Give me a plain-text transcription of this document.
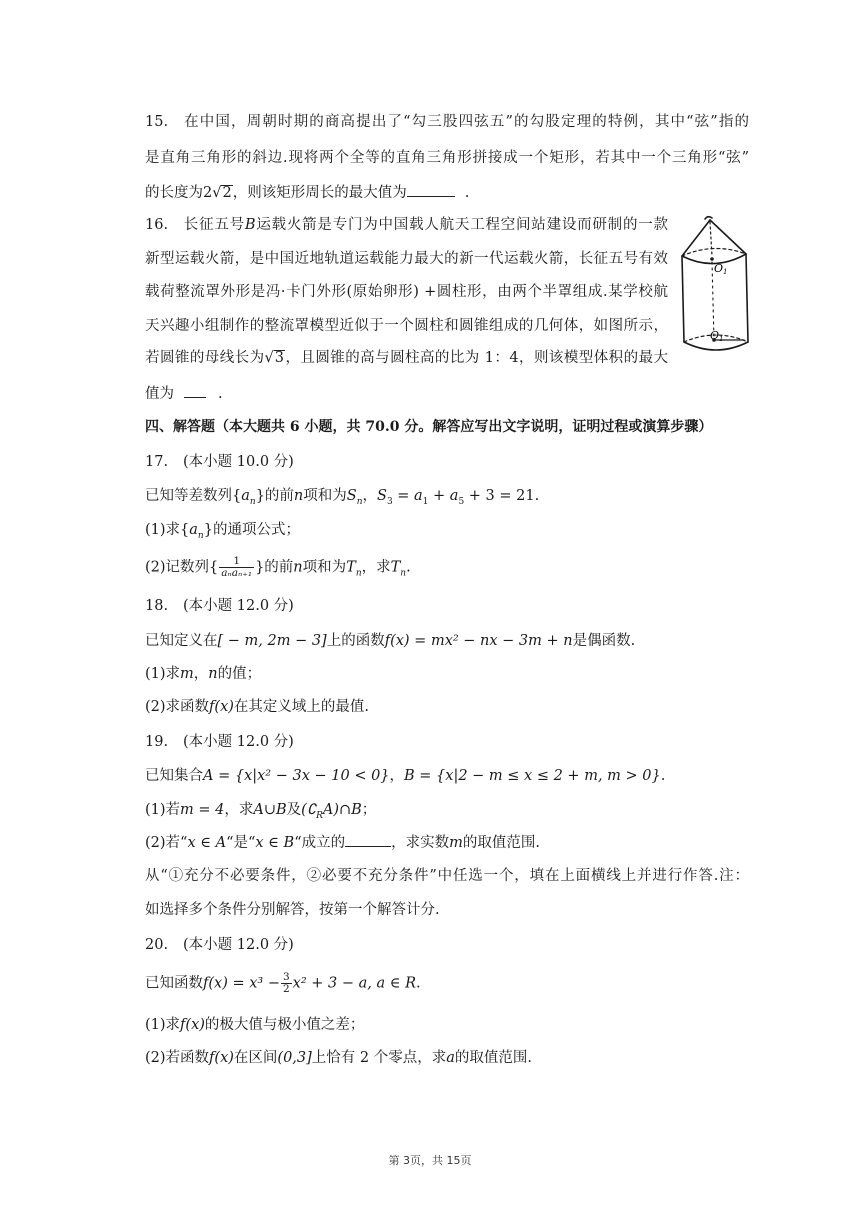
15. 在中国，周朝时期的商高提出了“勾三股四弦五”的勾股定理的特例，其中“弦”指的
是直角三角形的斜边.现将两个全等的直角三角形拼接成一个矩形，若其中一个三角形“弦”
的长度为2√2，则该矩形周长的最大值为	.
16. 长征五号B运载火箭是专门为中国载人航天工程空间站建设而研制的一款
新型运载火箭，是中国近地轨道运载能力最大的新一代运载火箭，长征五号有效
载荷整流罩外形是冯·卡门外形(原始卵形) +圆柱形，由两个半罩组成.某学校航
天兴趣小组制作的整流罩模型近似于一个圆柱和圆锥组成的几何体，如图所示，
若圆锥的母线长为√3，且圆锥的高与圆柱高的比为 1：4，则该模型体积的最大
值为	.
O1
O1
四、解答题（本大题共 6 小题，共 70.0 分。解答应写出文字说明，证明过程或演算步骤）
17. (本小题 10.0 分)
已知等差数列$\{a_n\}$的前n项和为$S_n$，$S_3 = a_1 + a_5 + 3 = 21$.
(1)求$\{a_n\}$的通项公式；
(2)记数列{ $\frac{1}{\text{aₙaₙ₊₁}}$ }的前n项和为$T_n$，求$T_n$.
18. (本小题 12.0 分)
已知定义在[ − m, 2m − 3]上的函数f(x) = mx² − nx − 3m + n是偶函数.
(1)求m，n的值；
(2)求函数f(x)在其定义域上的最值.
19. (本小题 12.0 分)
已知集合A = {x|x² − 3x − 10 < 0}，B = {x|2 − m ≤ x ≤ 2 + m, m > 0}.
(1)若m = 4，求A∪B及$(∁_RA)\cap B$；
(2)若“x ∈ A“是“x ∈ B“成立的	，求实数m的取值范围.
从“①充分不必要条件，②必要不充分条件”中任选一个，填在上面横线上并进行作答.注：
如选择多个条件分别解答，按第一个解答计分.
20. (本小题 12.0 分)
已知函数$f(x) = x^3 - \frac{3}{2} x^2 + 3 - a$, a ∈ R.
(1)求f(x)的极大值与极小值之差；
(2)若函数f(x)在区间(0,3]上恰有 2 个零点，求a的取值范围.
第 3页，共 15页
